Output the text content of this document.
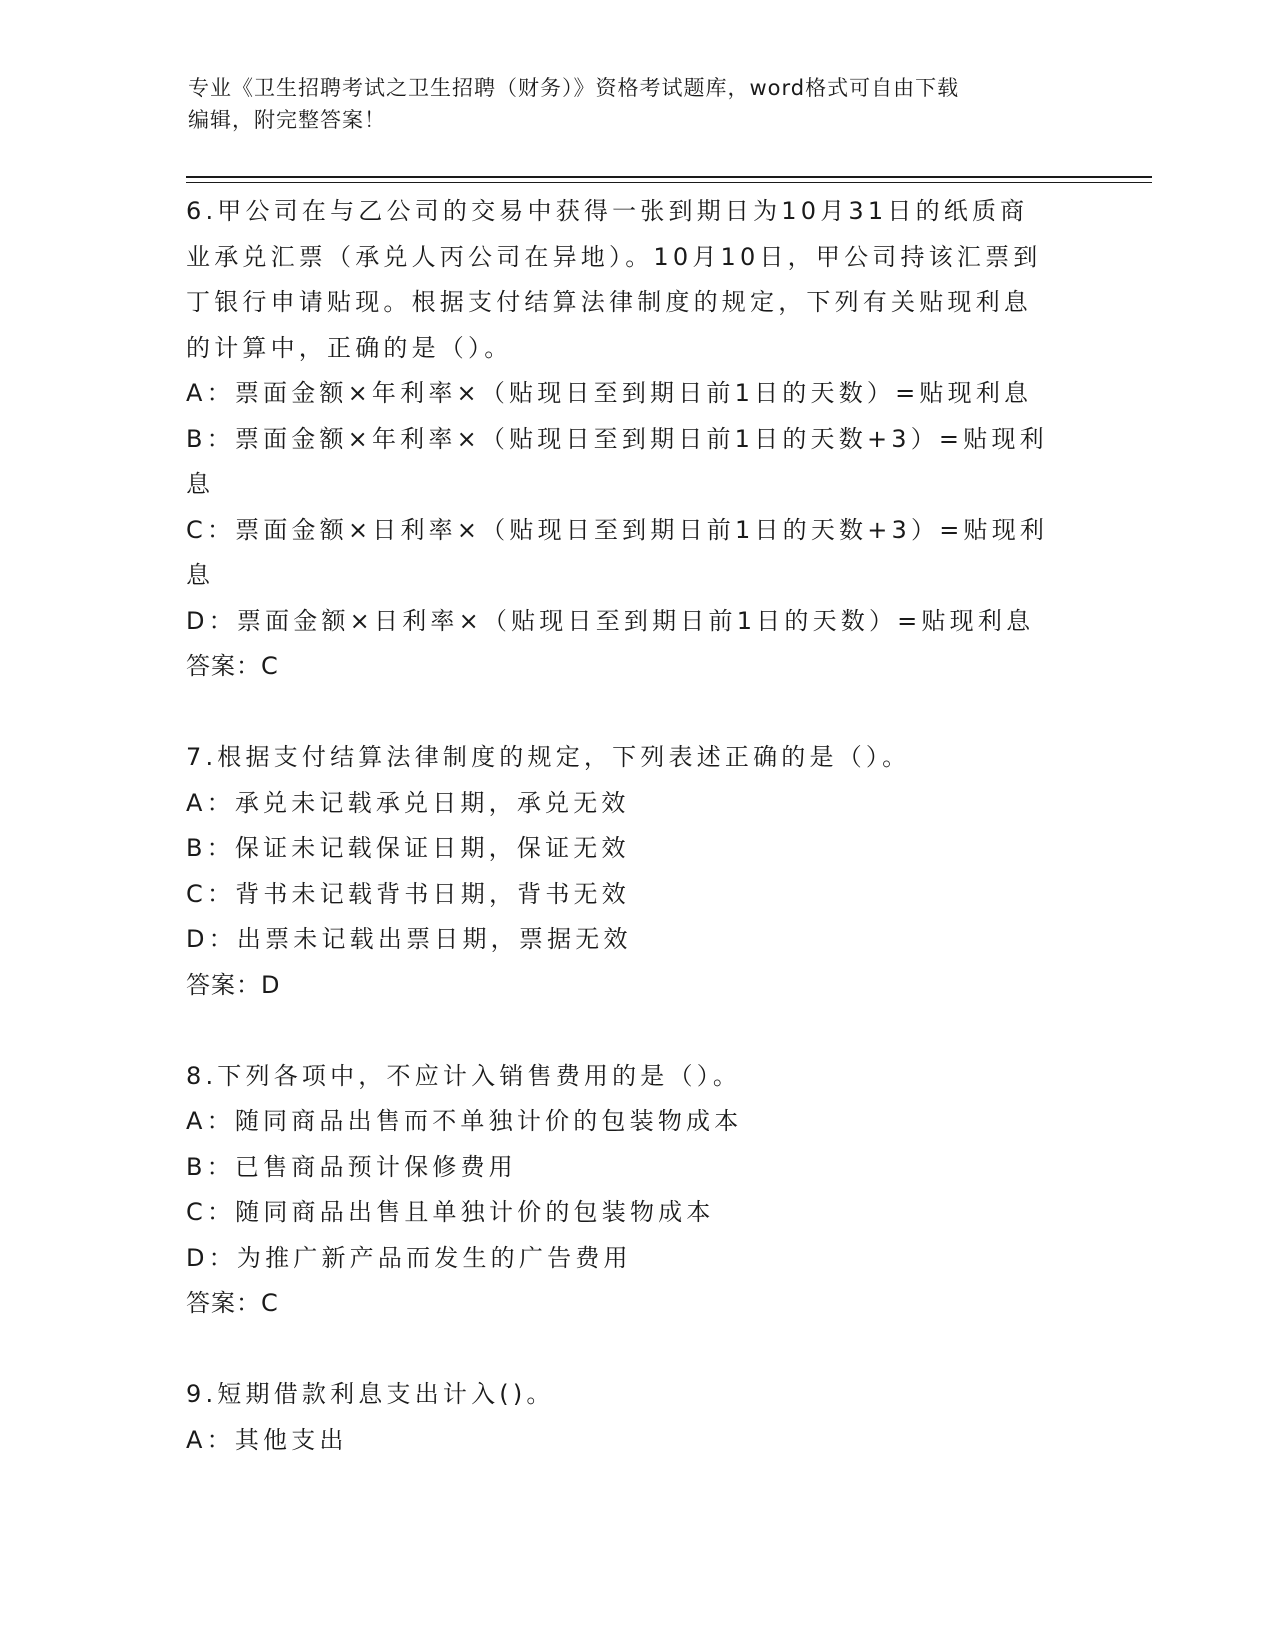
专业《卫生招聘考试之卫生招聘（财务）》资格考试题库，word格式可自由下载

编辑，附完整答案！

6.甲公司在与乙公司的交易中获得一张到期日为10月31日的纸质商

业承兑汇票（承兑人丙公司在异地）。10月10日，甲公司持该汇票到

丁银行申请贴现。根据支付结算法律制度的规定，下列有关贴现利息

的计算中，正确的是（）。

A：票面金额×年利率×（贴现日至到期日前1日的天数）=贴现利息

B：票面金额×年利率×（贴现日至到期日前1日的天数+3）=贴现利

息

C：票面金额×日利率×（贴现日至到期日前1日的天数+3）=贴现利

息

D：票面金额×日利率×（贴现日至到期日前1日的天数）=贴现利息

答案：C

7.根据支付结算法律制度的规定，下列表述正确的是（）。

A：承兑未记载承兑日期，承兑无效

B：保证未记载保证日期，保证无效

C：背书未记载背书日期，背书无效

D：出票未记载出票日期，票据无效

答案：D

8.下列各项中，不应计入销售费用的是（）。

A：随同商品出售而不单独计价的包装物成本

B：已售商品预计保修费用

C：随同商品出售且单独计价的包装物成本

D：为推广新产品而发生的广告费用

答案：C

9.短期借款利息支出计入()。

A：其他支出
